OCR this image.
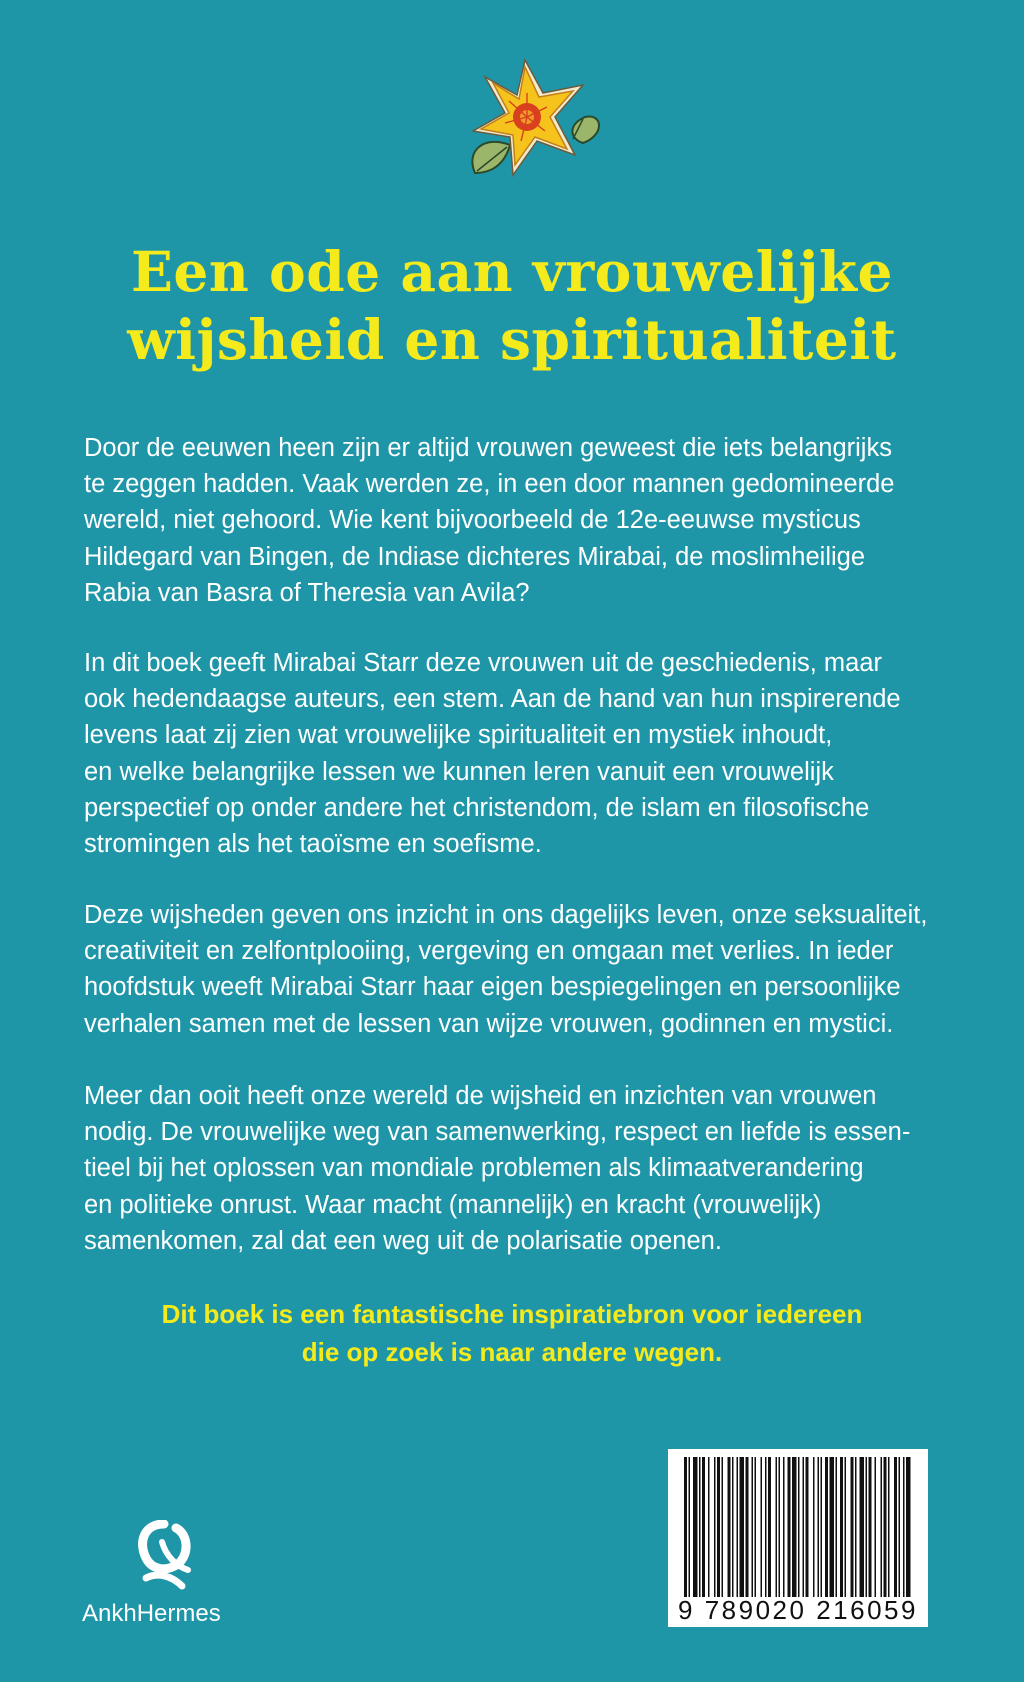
Een ode aan vrouwelijke
wijsheid en spiritualiteit
Door de eeuwen heen zijn er altijd vrouwen geweest die iets belangrijks
te zeggen hadden. Vaak werden ze, in een door mannen gedomineerde
wereld, niet gehoord. Wie kent bijvoorbeeld de 12e-eeuwse mysticus
Hildegard van Bingen, de Indiase dichteres Mirabai, de moslimheilige
Rabia van Basra of Theresia van Avila?
In dit boek geeft Mirabai Starr deze vrouwen uit de geschiedenis, maar
ook hedendaagse auteurs, een stem. Aan de hand van hun inspirerende
levens laat zij zien wat vrouwelijke spiritualiteit en mystiek inhoudt,
en welke belangrijke lessen we kunnen leren vanuit een vrouwelijk
perspectief op onder andere het christendom, de islam en filosofische
stromingen als het taoïsme en soefisme.
Deze wijsheden geven ons inzicht in ons dagelijks leven, onze seksualiteit,
creativiteit en zelfontplooiing, vergeving en omgaan met verlies. In ieder
hoofdstuk weeft Mirabai Starr haar eigen bespiegelingen en persoonlijke
verhalen samen met de lessen van wijze vrouwen, godinnen en mystici.
Meer dan ooit heeft onze wereld de wijsheid en inzichten van vrouwen
nodig. De vrouwelijke weg van samenwerking, respect en liefde is essen-
tieel bij het oplossen van mondiale problemen als klimaatverandering
en politieke onrust. Waar macht (mannelijk) en kracht (vrouwelijk)
samenkomen, zal dat een weg uit de polarisatie openen.
Dit boek is een fantastische inspiratiebron voor iedereen
die op zoek is naar andere wegen.
AnkhHermes	9 789020 216059
